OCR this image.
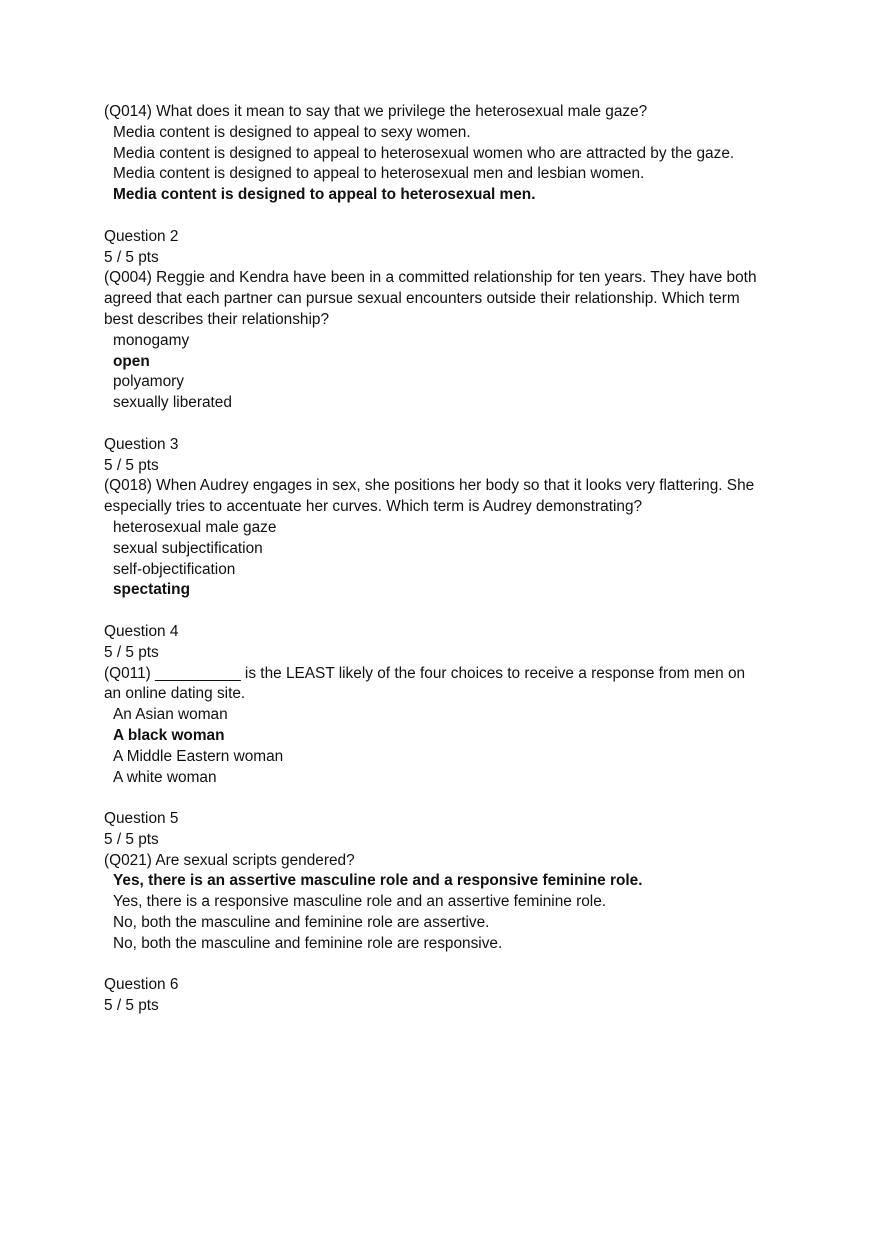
(Q014) What does it mean to say that we privilege the heterosexual male gaze?
Media content is designed to appeal to sexy women.
Media content is designed to appeal to heterosexual women who are attracted by the gaze.
Media content is designed to appeal to heterosexual men and lesbian women.
Media content is designed to appeal to heterosexual men.
Question 2
5 / 5 pts
(Q004) Reggie and Kendra have been in a committed relationship for ten years. They have both
agreed that each partner can pursue sexual encounters outside their relationship. Which term
best describes their relationship?
monogamy
open
polyamory
sexually liberated
Question 3
5 / 5 pts
(Q018) When Audrey engages in sex, she positions her body so that it looks very flattering. She
especially tries to accentuate her curves. Which term is Audrey demonstrating?
heterosexual male gaze
sexual subjectification
self-objectification
spectating
Question 4
5 / 5 pts
(Q011) __________ is the LEAST likely of the four choices to receive a response from men on
an online dating site.
An Asian woman
A black woman
A Middle Eastern woman
A white woman
Question 5
5 / 5 pts
(Q021) Are sexual scripts gendered?
Yes, there is an assertive masculine role and a responsive feminine role.
Yes, there is a responsive masculine role and an assertive feminine role.
No, both the masculine and feminine role are assertive.
No, both the masculine and feminine role are responsive.
Question 6
5 / 5 pts
